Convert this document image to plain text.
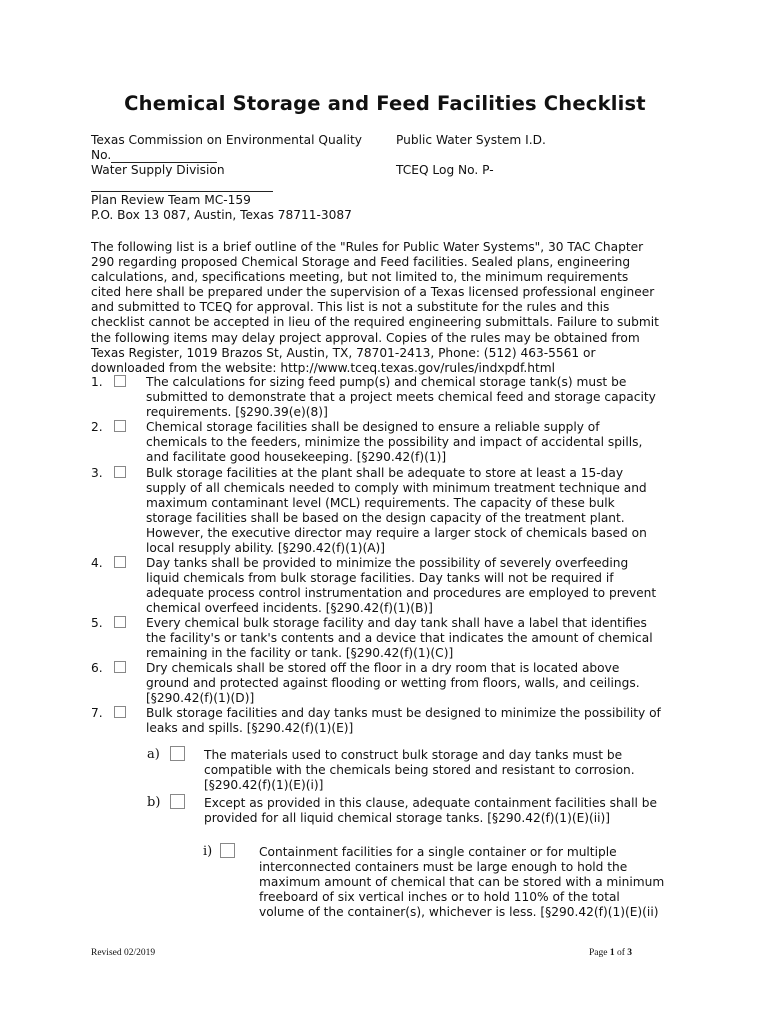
Chemical Storage and Feed Facilities Checklist
Texas Commission on Environmental Quality	Public Water System I.D.
No.
Water Supply Division	TCEQ Log No. P-
Plan Review Team MC-159
P.O. Box 13 087, Austin, Texas 78711-3087
The following list is a brief outline of the "Rules for Public Water Systems", 30 TAC Chapter
290 regarding proposed Chemical Storage and Feed facilities. Sealed plans, engineering
calculations, and, specifications meeting, but not limited to, the minimum requirements
cited here shall be prepared under the supervision of a Texas licensed professional engineer
and submitted to TCEQ for approval. This list is not a substitute for the rules and this
checklist cannot be accepted in lieu of the required engineering submittals. Failure to submit
the following items may delay project approval. Copies of the rules may be obtained from
Texas Register, 1019 Brazos St, Austin, TX, 78701-2413, Phone: (512) 463-5561 or
downloaded from the website: http://www.tceq.texas.gov/rules/indxpdf.html
1.	The calculations for sizing feed pump(s) and chemical storage tank(s) must be
submitted to demonstrate that a project meets chemical feed and storage capacity
requirements. [§290.39(e)(8)]
2.	Chemical storage facilities shall be designed to ensure a reliable supply of
chemicals to the feeders, minimize the possibility and impact of accidental spills,
and facilitate good housekeeping. [§290.42(f)(1)]
3.	Bulk storage facilities at the plant shall be adequate to store at least a 15-day
supply of all chemicals needed to comply with minimum treatment technique and
maximum contaminant level (MCL) requirements. The capacity of these bulk
storage facilities shall be based on the design capacity of the treatment plant.
However, the executive director may require a larger stock of chemicals based on
local resupply ability. [§290.42(f)(1)(A)]
4.	Day tanks shall be provided to minimize the possibility of severely overfeeding
liquid chemicals from bulk storage facilities. Day tanks will not be required if
adequate process control instrumentation and procedures are employed to prevent
chemical overfeed incidents. [§290.42(f)(1)(B)]
5.	Every chemical bulk storage facility and day tank shall have a label that identifies
the facility's or tank's contents and a device that indicates the amount of chemical
remaining in the facility or tank. [§290.42(f)(1)(C)]
6.	Dry chemicals shall be stored off the floor in a dry room that is located above
ground and protected against flooding or wetting from floors, walls, and ceilings.
[§290.42(f)(1)(D)]
7.	Bulk storage facilities and day tanks must be designed to minimize the possibility of
leaks and spills. [§290.42(f)(1)(E)]
a)	The materials used to construct bulk storage and day tanks must be
compatible with the chemicals being stored and resistant to corrosion.
[§290.42(f)(1)(E)(i)]
b)	Except as provided in this clause, adequate containment facilities shall be
provided for all liquid chemical storage tanks. [§290.42(f)(1)(E)(ii)]
i)	Containment facilities for a single container or for multiple
interconnected containers must be large enough to hold the
maximum amount of chemical that can be stored with a minimum
freeboard of six vertical inches or to hold 110% of the total
volume of the container(s), whichever is less. [§290.42(f)(1)(E)(ii)
Revised 02/2019	Page 1 of 3
